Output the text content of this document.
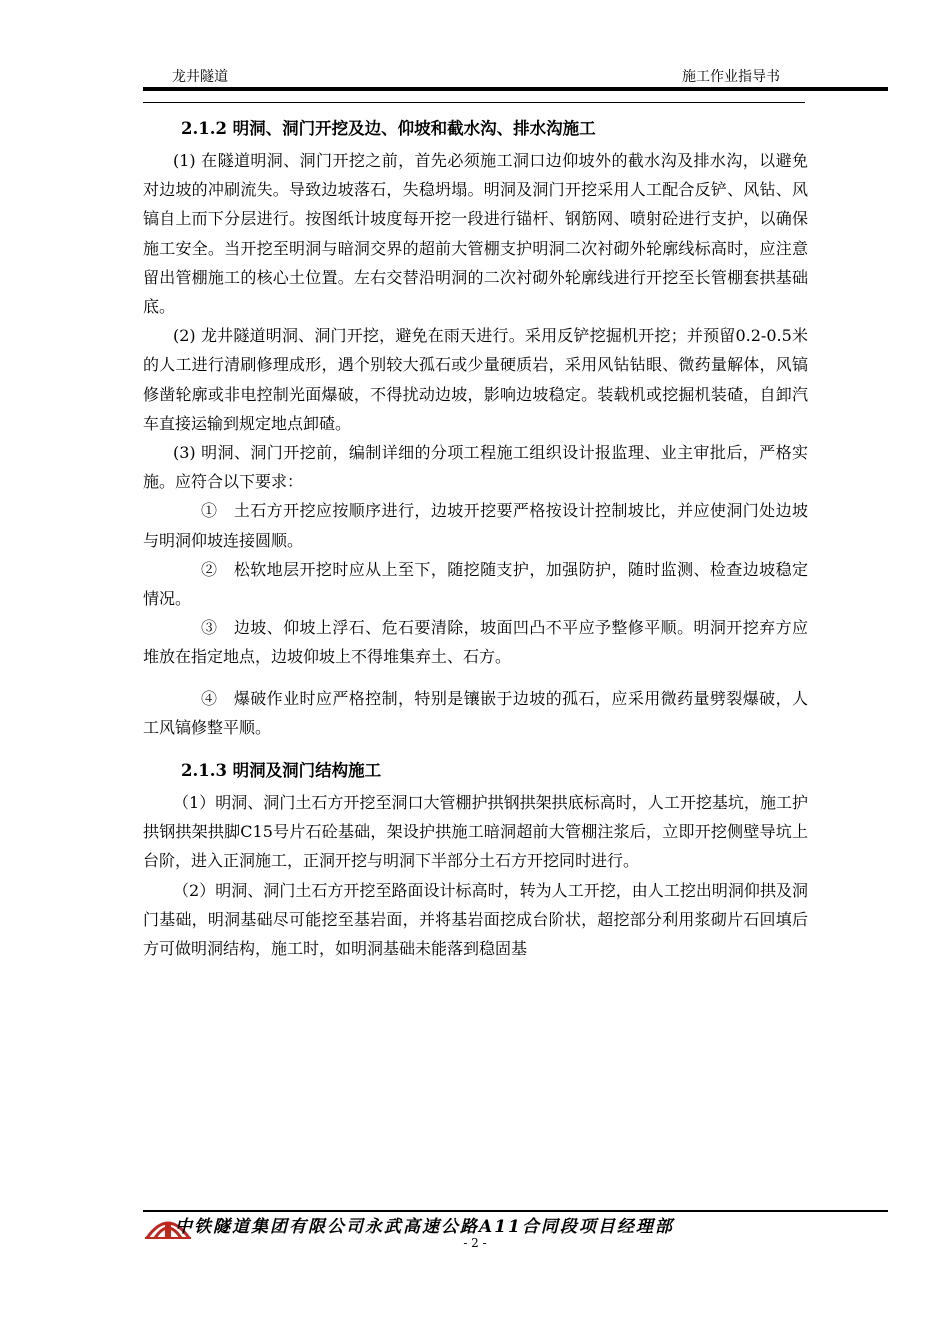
龙井隧道	施工作业指导书

2.1.2 明洞、洞门开挖及边、仰坡和截水沟、排水沟施工

(1) 在隧道明洞、洞门开挖之前，首先必须施工洞口边仰坡外的截水沟及排水沟，以避免对边坡的冲刷流失。导致边坡落石，失稳坍塌。明洞及洞门开挖采用人工配合反铲、风钻、风镐自上而下分层进行。按图纸计坡度每开挖一段进行锚杆、钢筋网、喷射砼进行支护，以确保施工安全。当开挖至明洞与暗洞交界的超前大管棚支护明洞二次衬砌外轮廓线标高时，应注意留出管棚施工的核心土位置。左右交替沿明洞的二次衬砌外轮廓线进行开挖至长管棚套拱基础底。

(2) 龙井隧道明洞、洞门开挖，避免在雨天进行。采用反铲挖掘机开挖；并预留0.2-0.5米的人工进行清刷修理成形，遇个别较大孤石或少量硬质岩，采用风钻钻眼、微药量解体，风镐修凿轮廓或非电控制光面爆破，不得扰动边坡，影响边坡稳定。装载机或挖掘机装碴，自卸汽车直接运输到规定地点卸碴。

(3) 明洞、洞门开挖前，编制详细的分项工程施工组织设计报监理、业主审批后，严格实施。应符合以下要求：

①　土石方开挖应按顺序进行，边坡开挖要严格按设计控制坡比，并应使洞门处边坡与明洞仰坡连接圆顺。

②　松软地层开挖时应从上至下，随挖随支护，加强防护，随时监测、检查边坡稳定情况。

③　边坡、仰坡上浮石、危石要清除，坡面凹凸不平应予整修平顺。明洞开挖弃方应堆放在指定地点，边坡仰坡上不得堆集弃土、石方。

④　爆破作业时应严格控制，特别是镶嵌于边坡的孤石，应采用微药量劈裂爆破，人工风镐修整平顺。

2.1.3 明洞及洞门结构施工

（1）明洞、洞门土石方开挖至洞口大管棚护拱钢拱架拱底标高时，人工开挖基坑，施工护拱钢拱架拱脚C15号片石砼基础，架设护拱施工暗洞超前大管棚注浆后，立即开挖侧壁导坑上台阶，进入正洞施工，正洞开挖与明洞下半部分土石方开挖同时进行。

（2）明洞、洞门土石方开挖至路面设计标高时，转为人工开挖，由人工挖出明洞仰拱及洞门基础，明洞基础尽可能挖至基岩面，并将基岩面挖成台阶状，超挖部分利用浆砌片石回填后方可做明洞结构，施工时，如明洞基础未能落到稳固基

中铁隧道集团有限公司永武高速公路A11合同段项目经理部
- 2 -
